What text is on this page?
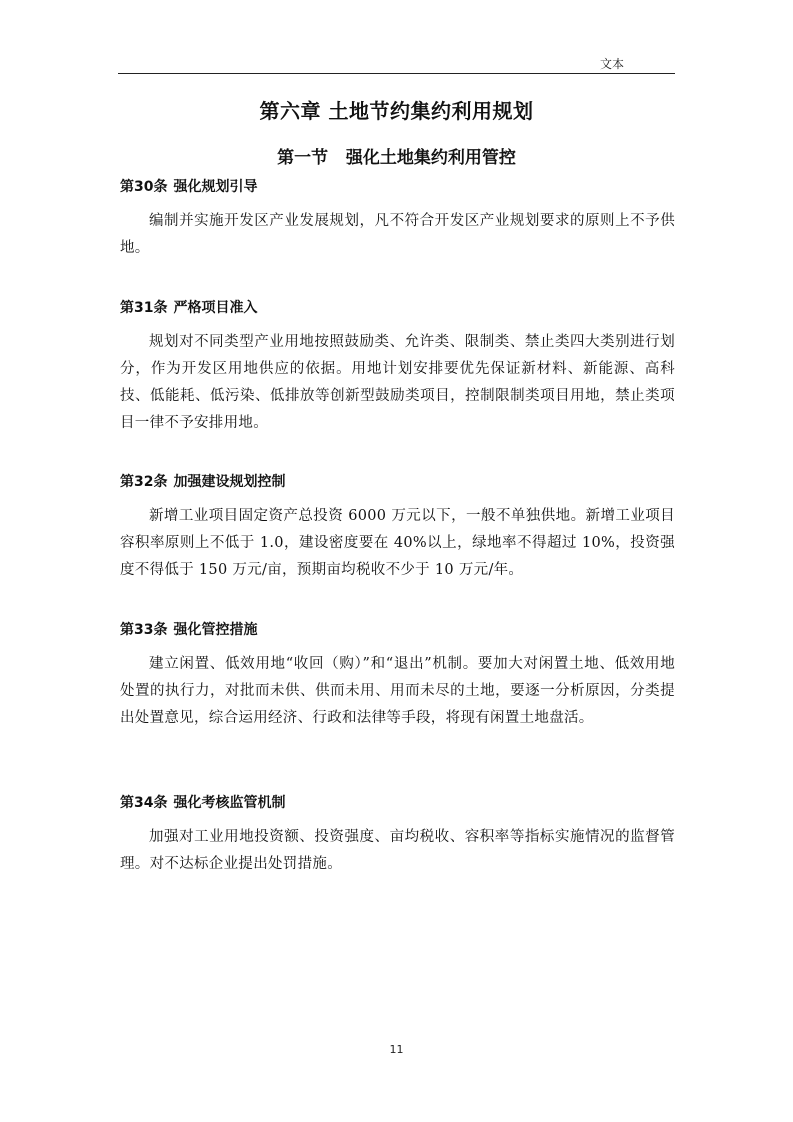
文本
第六章 土地节约集约利用规划
第一节   强化土地集约利用管控

第30条 强化规划引导

编制并实施开发区产业发展规划，凡不符合开发区产业规划要求的原则上不予供地。

第31条 严格项目准入

规划对不同类型产业用地按照鼓励类、允许类、限制类、禁止类四大类别进行划分，作为开发区用地供应的依据。用地计划安排要优先保证新材料、新能源、高科技、低能耗、低污染、低排放等创新型鼓励类项目，控制限制类项目用地，禁止类项目一律不予安排用地。

第32条 加强建设规划控制

新增工业项目固定资产总投资 6000 万元以下，一般不单独供地。新增工业项目容积率原则上不低于 1.0，建设密度要在 40%以上，绿地率不得超过 10%，投资强度不得低于 150 万元/亩，预期亩均税收不少于 10 万元/年。

第33条 强化管控措施

建立闲置、低效用地“收回（购）”和“退出”机制。要加大对闲置土地、低效用地处置的执行力，对批而未供、供而未用、用而未尽的土地，要逐一分析原因，分类提出处置意见，综合运用经济、行政和法律等手段，将现有闲置土地盘活。

第34条 强化考核监管机制

加强对工业用地投资额、投资强度、亩均税收、容积率等指标实施情况的监督管理。对不达标企业提出处罚措施。

11
